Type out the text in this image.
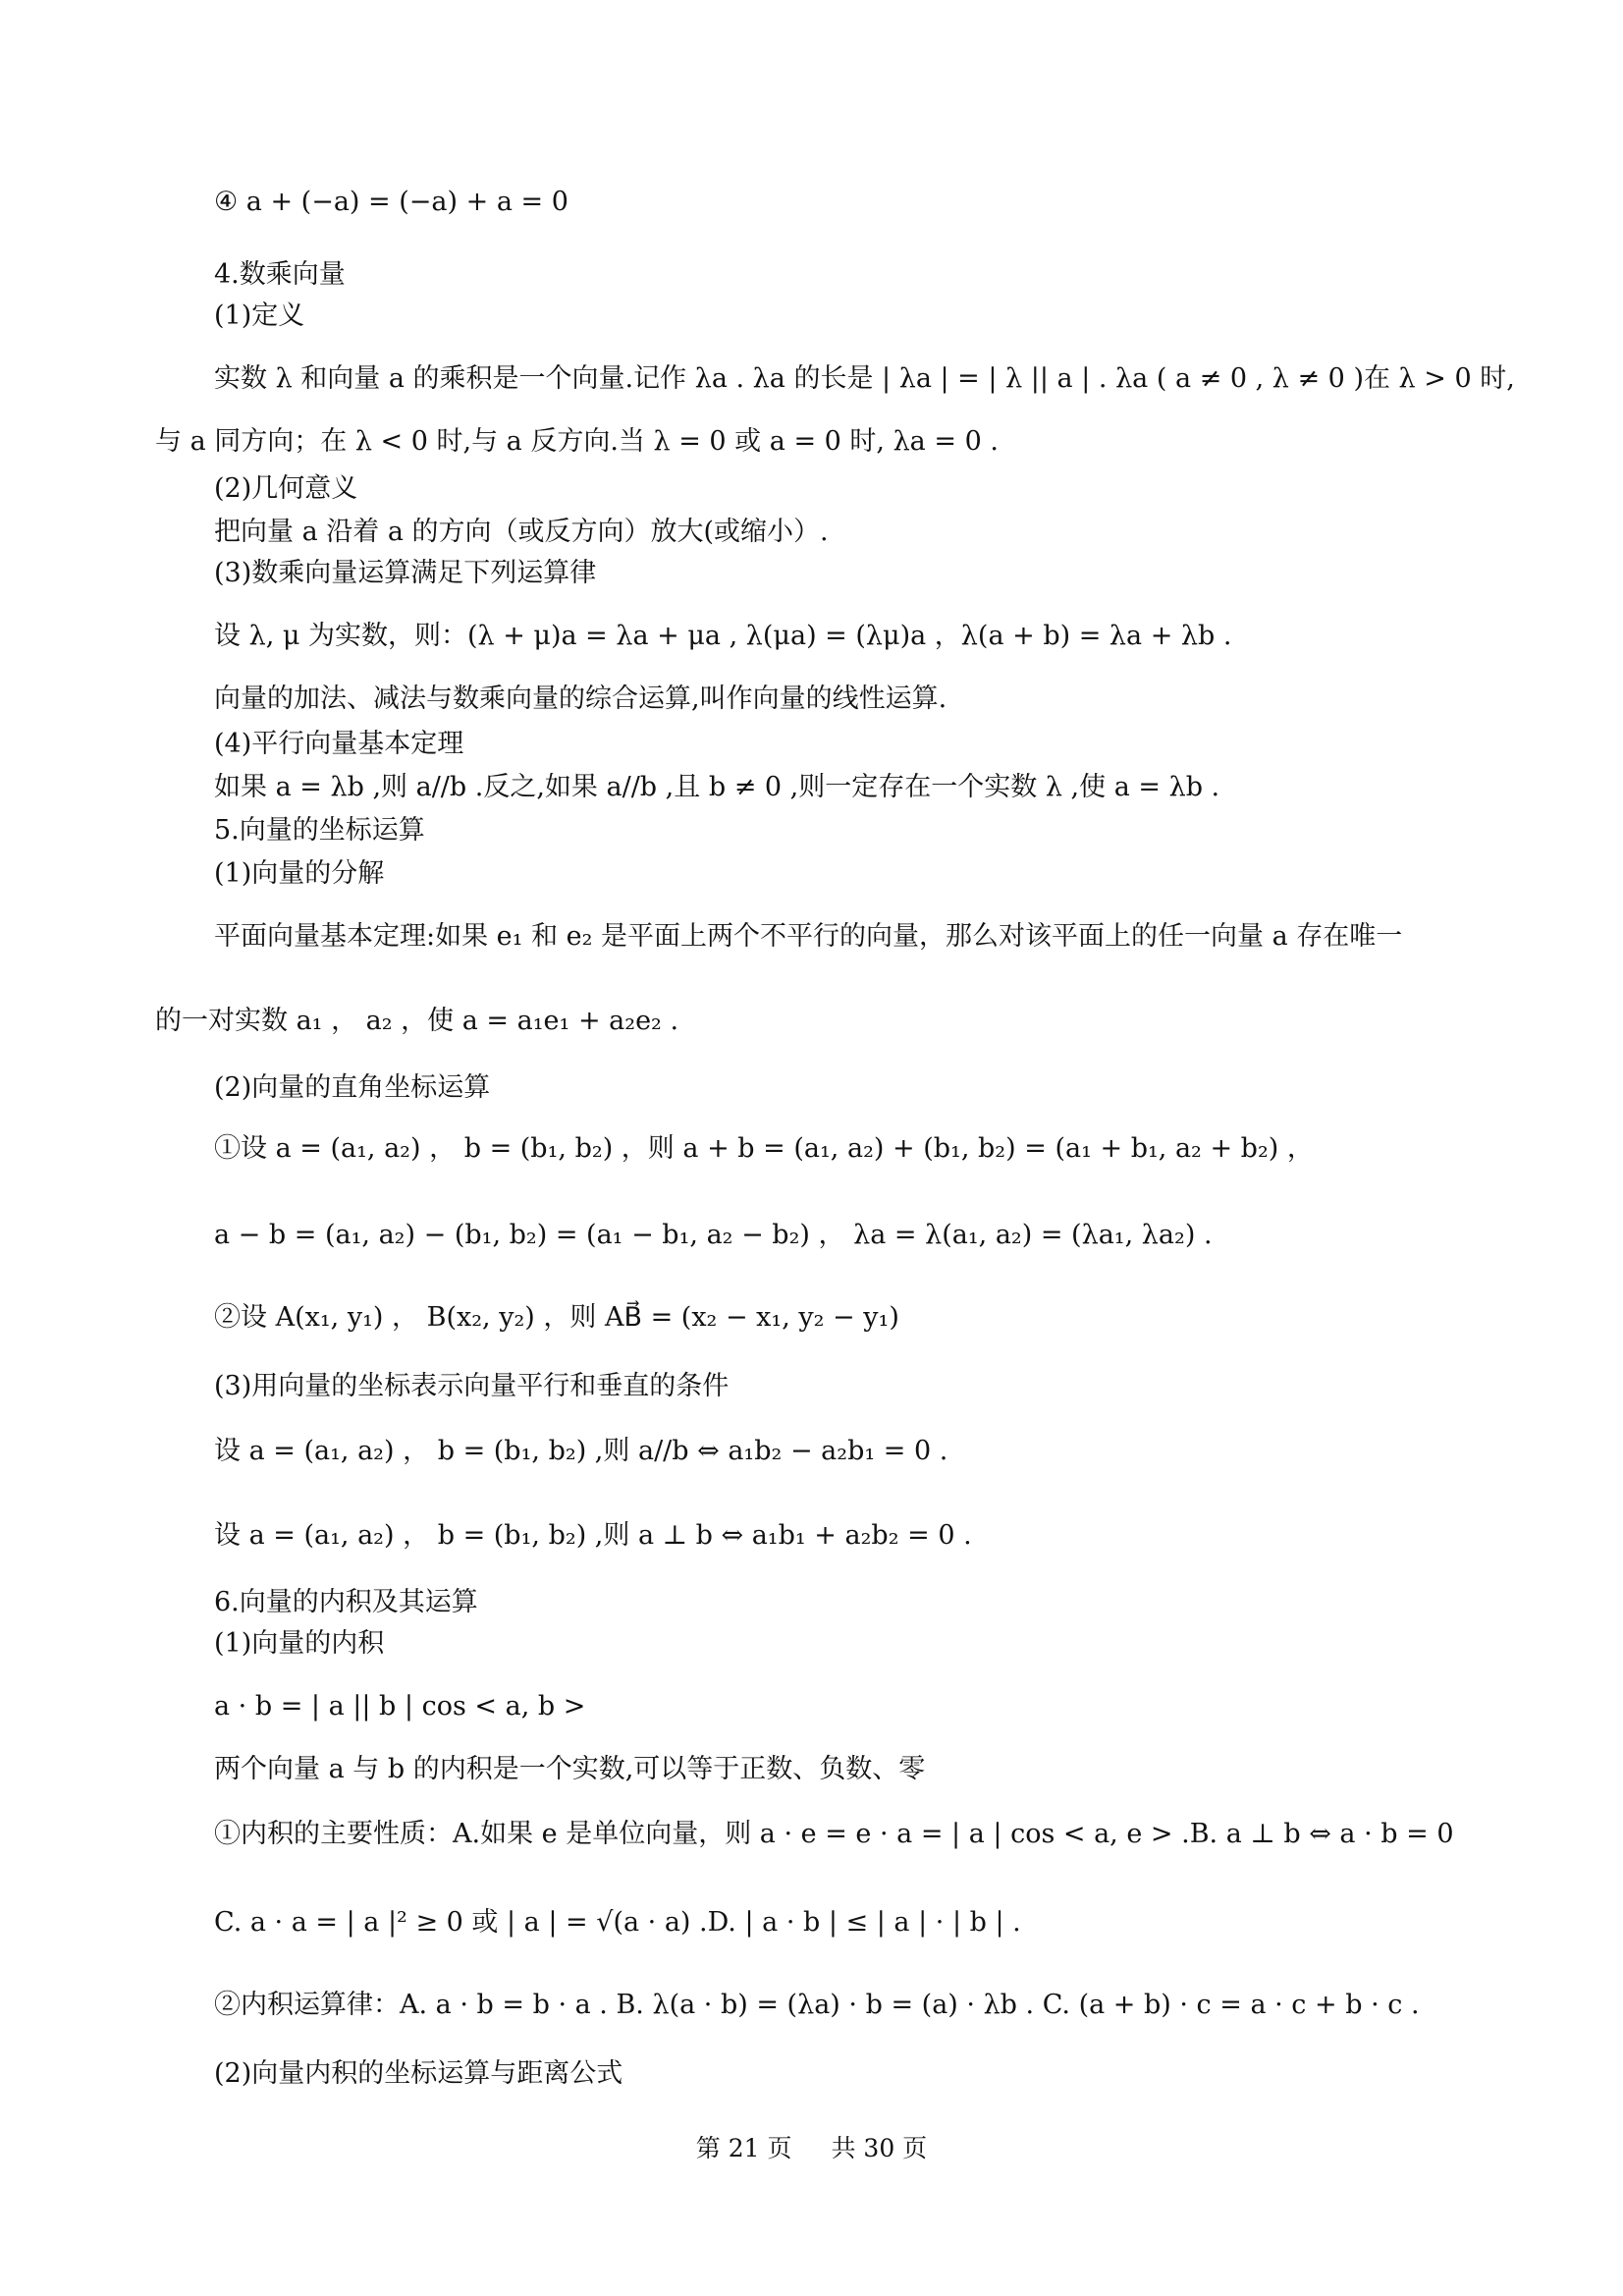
④ a + (−a) = (−a) + a = 0
4.数乘向量
(1)定义
实数 λ 和向量 a 的乘积是一个向量.记作 λa . λa 的长是 | λa | = | λ || a | . λa ( a ≠ 0 , λ ≠ 0 )在 λ > 0 时,
与 a 同方向；在 λ < 0 时,与 a 反方向.当 λ = 0 或 a = 0 时, λa = 0 .
(2)几何意义
把向量 a 沿着 a 的方向（或反方向）放大(或缩小）.
(3)数乘向量运算满足下列运算律
设 λ, μ 为实数，则：(λ + μ)a = λa + μa , λ(μa) = (λμ)a ，λ(a + b) = λa + λb .
向量的加法、减法与数乘向量的综合运算,叫作向量的线性运算.
(4)平行向量基本定理
如果 a = λb ,则 a//b .反之,如果 a//b ,且 b ≠ 0 ,则一定存在一个实数 λ ,使 a = λb .
5.向量的坐标运算
(1)向量的分解
平面向量基本定理:如果 e₁ 和 e₂ 是平面上两个不平行的向量，那么对该平面上的任一向量 a 存在唯一
的一对实数 a₁ ， a₂ ，使 a = a₁e₁ + a₂e₂ .
(2)向量的直角坐标运算
①设 a = (a₁, a₂) ， b = (b₁, b₂) ，则 a + b = (a₁, a₂) + (b₁, b₂) = (a₁ + b₁, a₂ + b₂) ，
a − b = (a₁, a₂) − (b₁, b₂) = (a₁ − b₁, a₂ − b₂) ， λa = λ(a₁, a₂) = (λa₁, λa₂) .
②设 A(x₁, y₁) ， B(x₂, y₂) ，则 AB⃗ = (x₂ − x₁, y₂ − y₁)
(3)用向量的坐标表示向量平行和垂直的条件
设 a = (a₁, a₂) ， b = (b₁, b₂) ,则 a//b ⇔ a₁b₂ − a₂b₁ = 0 .
设 a = (a₁, a₂) ， b = (b₁, b₂) ,则 a ⊥ b ⇔ a₁b₁ + a₂b₂ = 0 .
6.向量的内积及其运算
(1)向量的内积
a · b = | a || b | cos < a, b >
两个向量 a 与 b 的内积是一个实数,可以等于正数、负数、零
①内积的主要性质：A.如果 e 是单位向量，则 a · e = e · a = | a | cos < a, e > .B. a ⊥ b ⇔ a · b = 0
C. a · a = | a |² ≥ 0 或 | a | = √(a · a) .D. | a · b | ≤ | a | · | b | .
②内积运算律：A. a · b = b · a . B. λ(a · b) = (λa) · b = (a) · λb . C. (a + b) · c = a · c + b · c .
(2)向量内积的坐标运算与距离公式
第 21 页 共 30 页
